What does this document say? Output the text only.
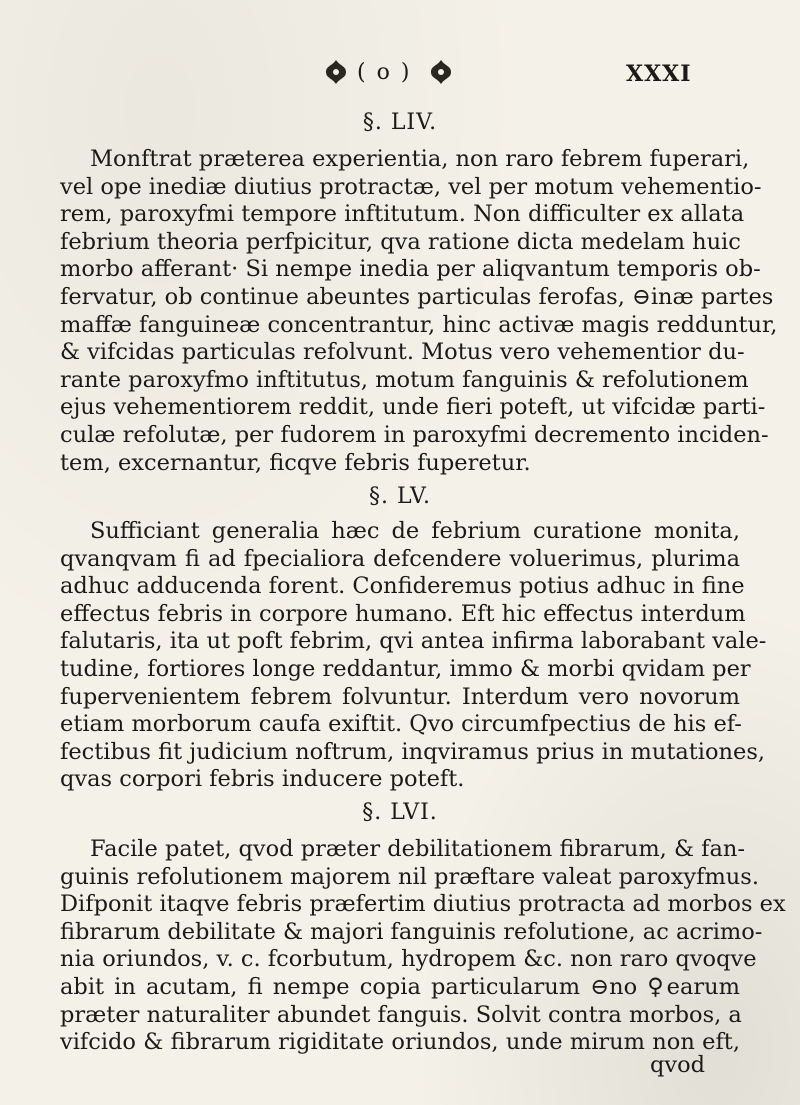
( o )	XXXI
§. LIV.
Monftrat præterea experientia, non raro febrem fuperari,
vel ope inediæ diutius protractæ, vel per motum vehementio-
rem, paroxyfmi tempore inftitutum. Non difficulter ex allata
febrium theoria perfpicitur, qva ratione dicta medelam huic
morbo afferant· Si nempe inedia per aliqvantum temporis ob-
fervatur, ob continue abeuntes particulas ferofas, ⊖inæ partes
maffæ fanguineæ concentrantur, hinc activæ magis redduntur,
& vifcidas particulas refolvunt. Motus vero vehementior du-
rante paroxyfmo inftitutus, motum fanguinis & refolutionem
ejus vehementiorem reddit, unde fieri poteft, ut vifcidæ parti-
culæ refolutæ, per fudorem in paroxyfmi decremento inciden-
tem, excernantur, ficqve febris fuperetur.
§. LV.
Sufficiant generalia hæc de febrium curatione monita,
qvanqvam fi ad fpecialiora defcendere voluerimus, plurima
adhuc adducenda forent. Confideremus potius adhuc in fine
effectus febris in corpore humano. Eft hic effectus interdum
falutaris, ita ut poft febrim, qvi antea infirma laborabant vale-
tudine, fortiores longe reddantur, immo & morbi qvidam per
fupervenientem febrem folvuntur. Interdum vero novorum
etiam morborum caufa exiftit. Qvo circumfpectius de his ef-
fectibus fit judicium noftrum, inqviramus prius in mutationes,
qvas corpori febris inducere poteft.
§. LVI.
Facile patet, qvod præter debilitationem fibrarum, & fan-
guinis refolutionem majorem nil præftare valeat paroxyfmus.
Difponit itaqve febris præfertim diutius protracta ad morbos ex
fibrarum debilitate & majori fanguinis refolutione, ac acrimo-
nia oriundos, v. c. fcorbutum, hydropem &c. non raro qvoqve
abit in acutam, fi nempe copia particularum ⊖no ♀earum
præter naturaliter abundet fanguis. Solvit contra morbos, a
vifcido & fibrarum rigiditate oriundos, unde mirum non eft,
qvod
